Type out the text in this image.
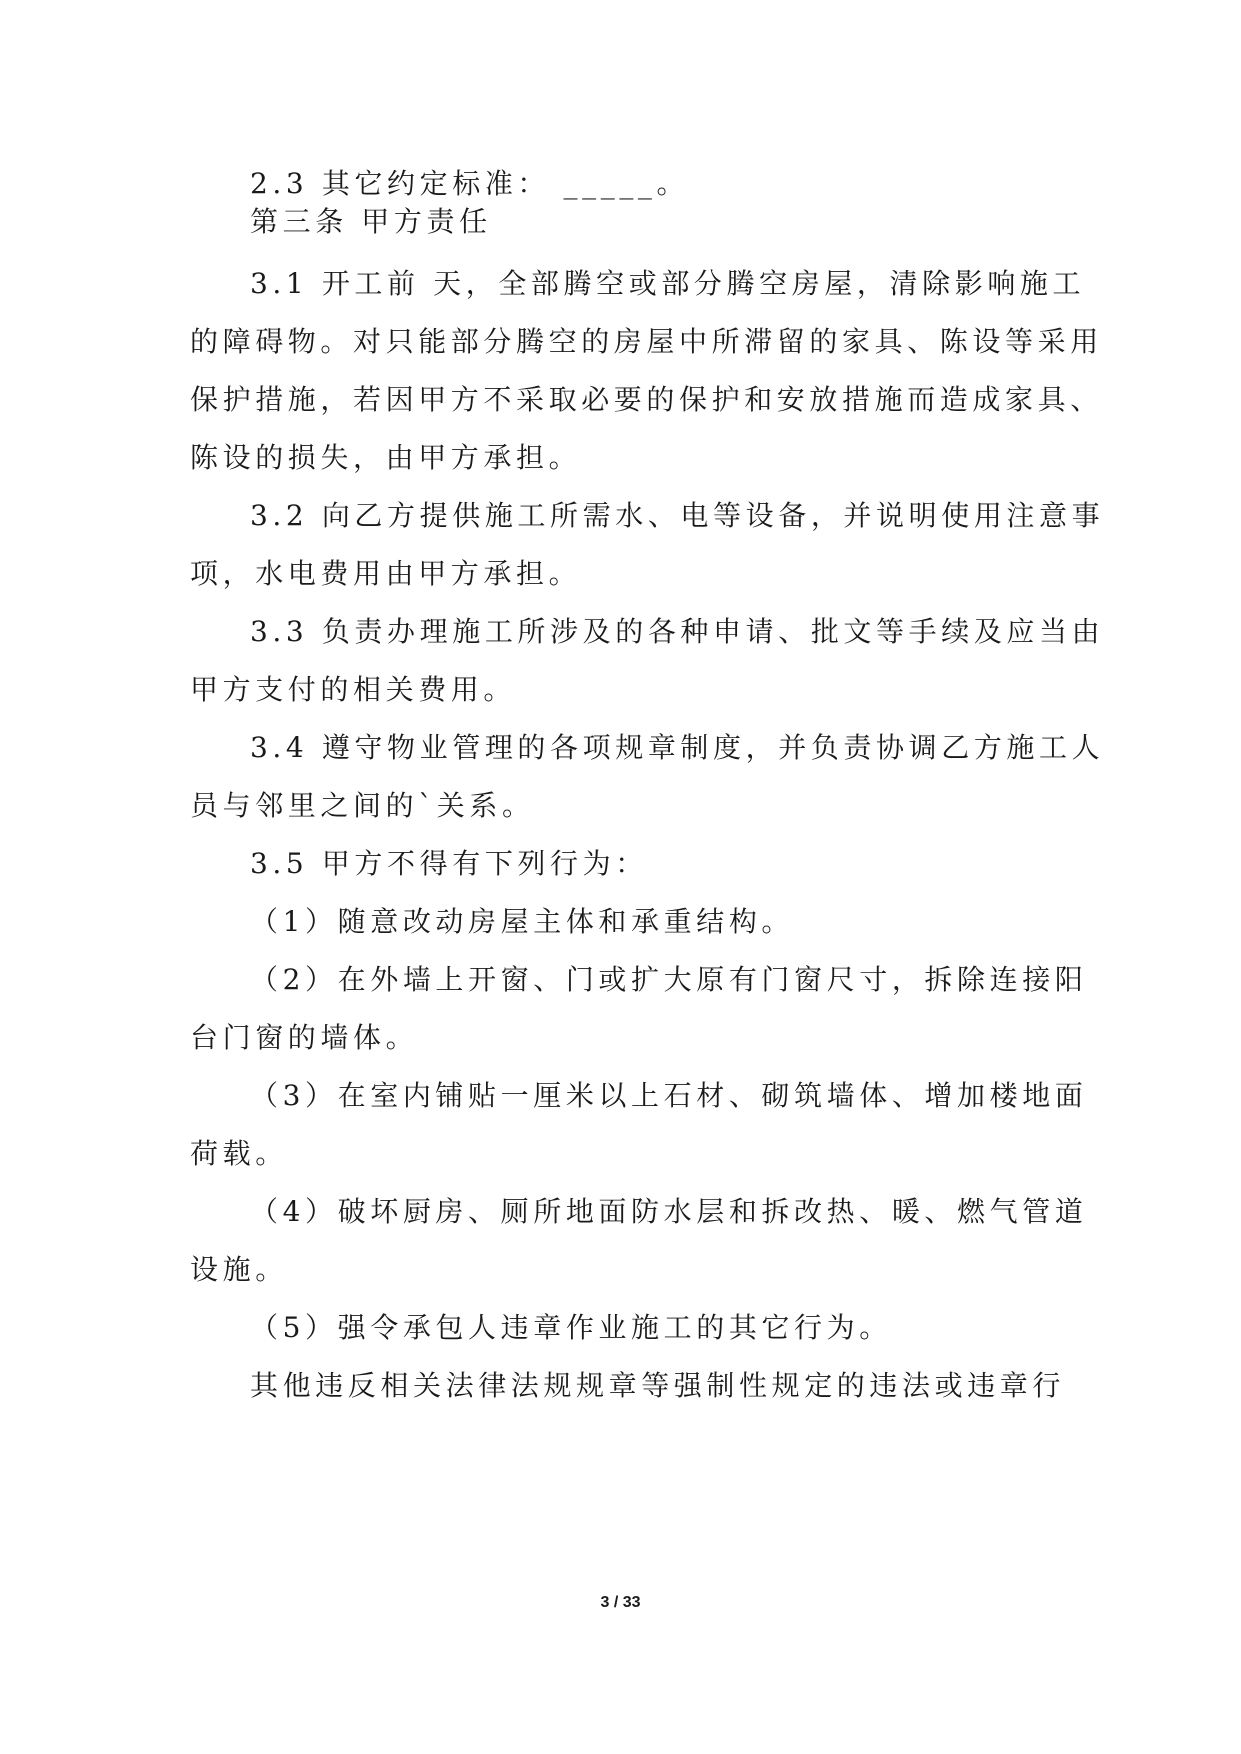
2.3 其它约定标准： _____。
第三条 甲方责任
3.1 开工前 天，全部腾空或部分腾空房屋，清除影响施工
的障碍物。对只能部分腾空的房屋中所滞留的家具、陈设等采用
保护措施，若因甲方不采取必要的保护和安放措施而造成家具、
陈设的损失，由甲方承担。
3.2 向乙方提供施工所需水、电等设备，并说明使用注意事
项，水电费用由甲方承担。
3.3 负责办理施工所涉及的各种申请、批文等手续及应当由
甲方支付的相关费用。
3.4 遵守物业管理的各项规章制度，并负责协调乙方施工人
员与邻里之间的`关系。
3.5 甲方不得有下列行为：
（1）随意改动房屋主体和承重结构。
（2）在外墙上开窗、门或扩大原有门窗尺寸，拆除连接阳
台门窗的墙体。
（3）在室内铺贴一厘米以上石材、砌筑墙体、增加楼地面
荷载。
（4）破坏厨房、厕所地面防水层和拆改热、暖、燃气管道
设施。
（5）强令承包人违章作业施工的其它行为。
其他违反相关法律法规规章等强制性规定的违法或违章行
3 / 33
